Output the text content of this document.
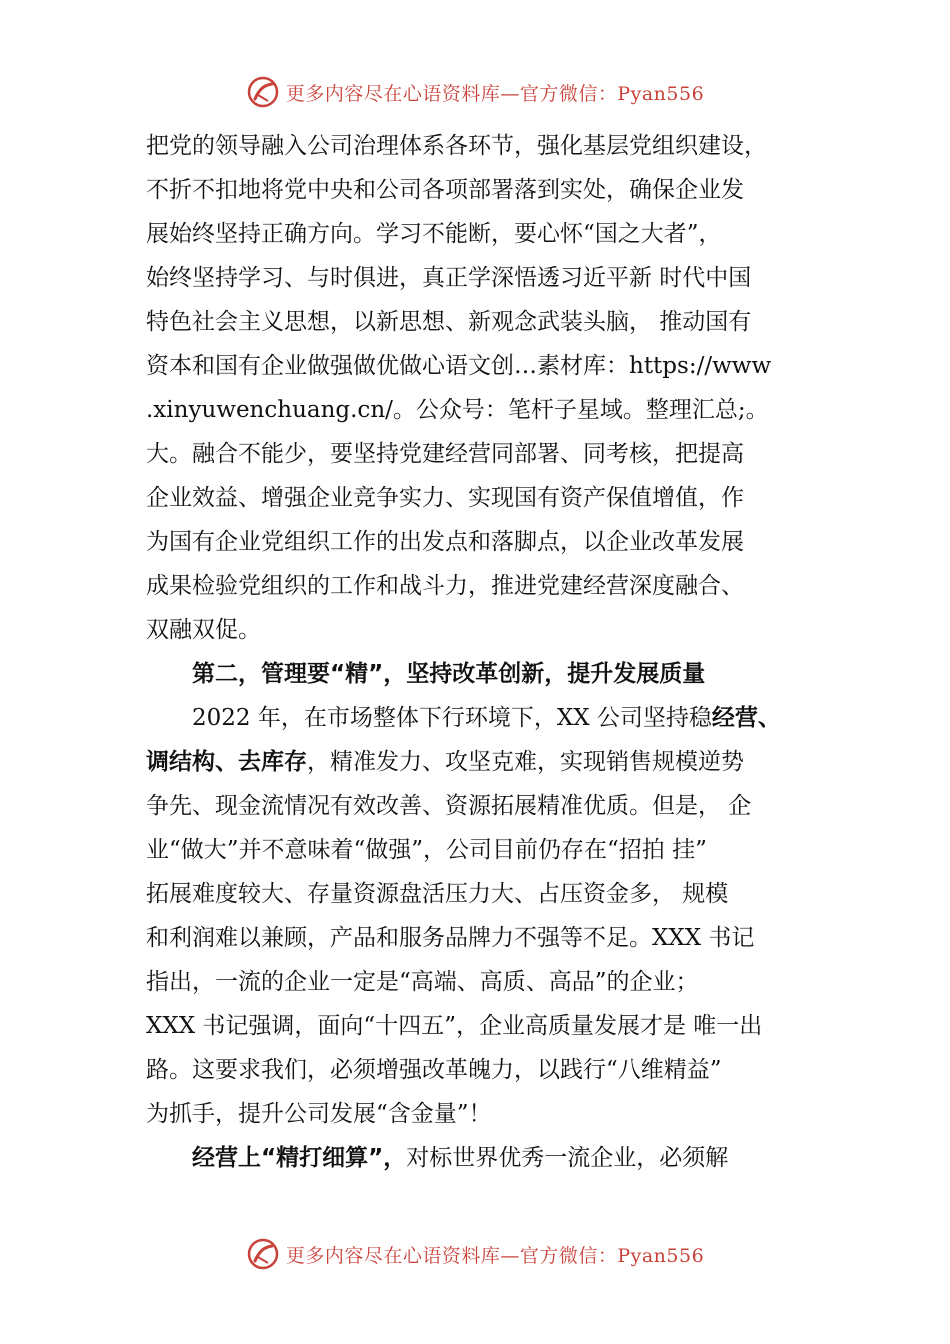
更多内容尽在心语资料库—官方微信：Pyan556
把党的领导融入公司治理体系各环节，强化基层党组织建设，
不折不扣地将党中央和公司各项部署落到实处，确保企业发
展始终坚持正确方向。学习不能断，要心怀“国之大者”，
始终坚持学习、与时俱进，真正学深悟透习近平新 时代中国
特色社会主义思想，以新思想、新观念武装头脑， 推动国有
资本和国有企业做强做优做心语文创…素材库：https://www
.xinyuwenchuang.cn/。公众号：笔杆子星域。整理汇总;。
大。融合不能少，要坚持党建经营同部署、同考核，把提高
企业效益、增强企业竞争实力、实现国有资产保值增值，作
为国有企业党组织工作的出发点和落脚点，以企业改革发展
成果检验党组织的工作和战斗力，推进党建经营深度融合、
双融双促。
第二，管理要“精”，坚持改革创新，提升发展质量
2022 年，在市场整体下行环境下，XX 公司坚持稳经营、
调结构、去库存，精准发力、攻坚克难，实现销售规模逆势
争先、现金流情况有效改善、资源拓展精准优质。但是， 企
业“做大”并不意味着“做强”，公司目前仍存在“招拍 挂”
拓展难度较大、存量资源盘活压力大、占压资金多， 规模
和利润难以兼顾，产品和服务品牌力不强等不足。XXX 书记
指出，一流的企业一定是“高端、高质、高品”的企业；
XXX 书记强调，面向“十四五”，企业高质量发展才是 唯一出
路。这要求我们，必须增强改革魄力，以践行“八维精益”
为抓手，提升公司发展“含金量”！
经营上“精打细算”，对标世界优秀一流企业，必须解
更多内容尽在心语资料库—官方微信：Pyan556
